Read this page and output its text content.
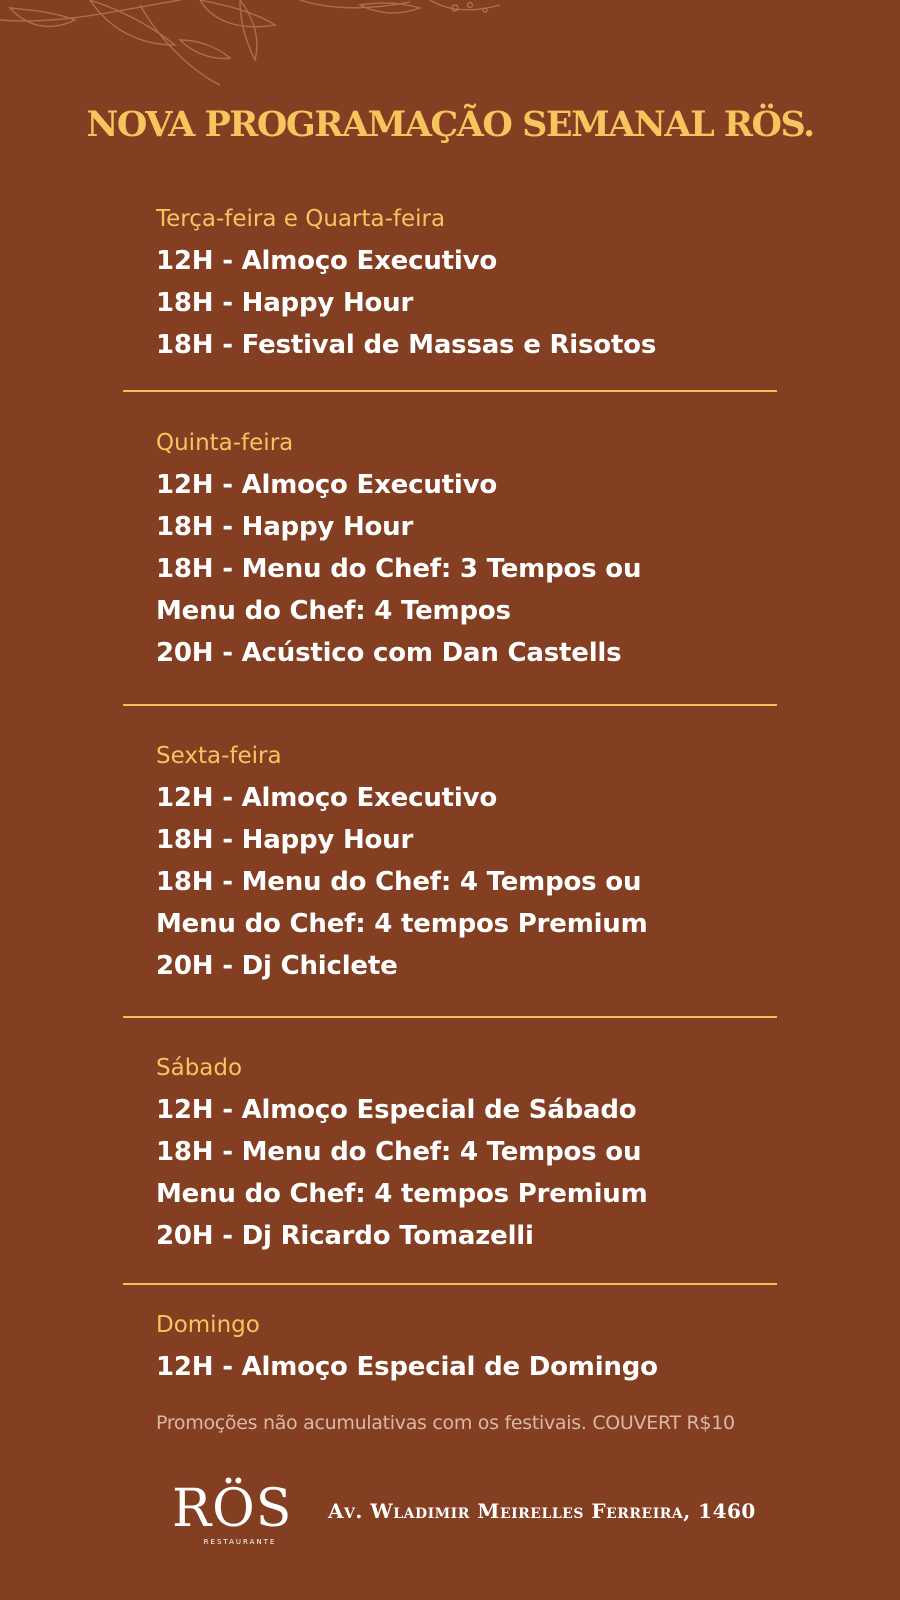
NOVA PROGRAMAÇÃO SEMANAL RÖS.
Terça-feira e Quarta-feira
12H - Almoço Executivo
18H - Happy Hour
18H - Festival de Massas e Risotos
Quinta-feira
12H - Almoço Executivo
18H - Happy Hour
18H - Menu do Chef: 3 Tempos ou
Menu do Chef: 4 Tempos
20H - Acústico com Dan Castells
Sexta-feira
12H - Almoço Executivo
18H - Happy Hour
18H - Menu do Chef: 4 Tempos ou
Menu do Chef: 4 tempos Premium
20H - Dj Chiclete
Sábado
12H - Almoço Especial de Sábado
18H - Menu do Chef: 4 Tempos ou
Menu do Chef: 4 tempos Premium
20H - Dj Ricardo Tomazelli
Domingo
12H - Almoço Especial de Domingo
Promoções não acumulativas com os festivais. COUVERT R$10
RÖS
RESTAURANTE
Av. Wladimir Meirelles Ferreira, 1460
